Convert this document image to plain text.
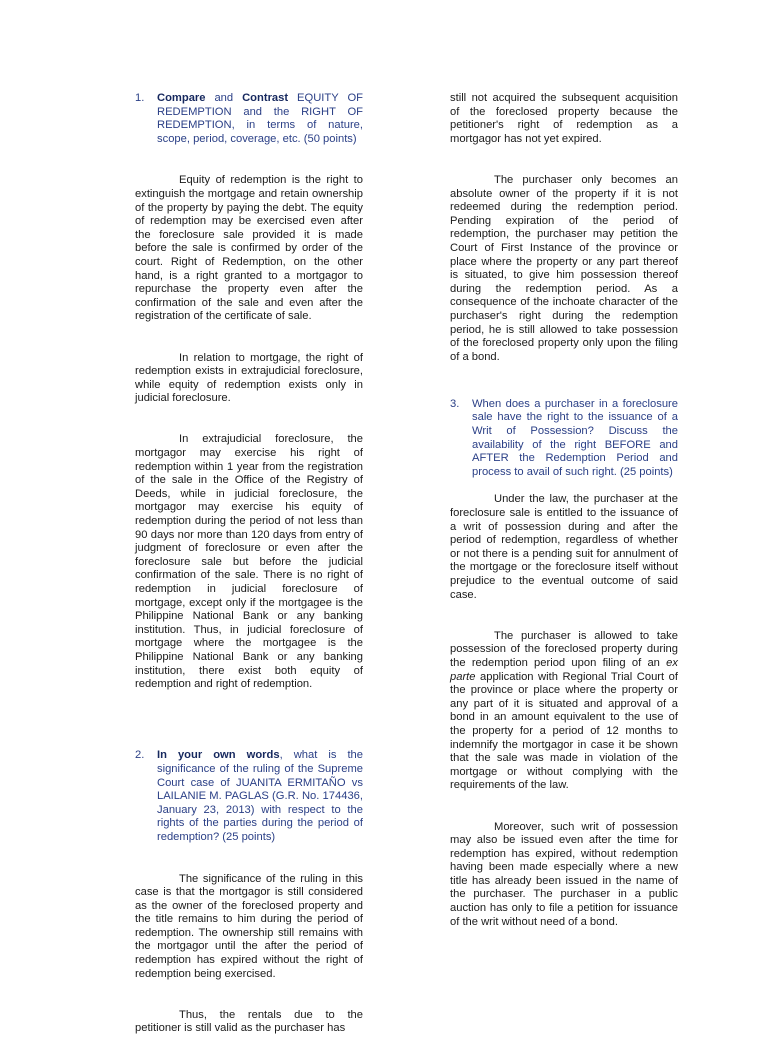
1.	Compare and Contrast EQUITY OF REDEMPTION and the RIGHT OF REDEMPTION, in terms of nature, scope, period, coverage, etc. (50 points)

Equity of redemption is the right to extinguish the mortgage and retain ownership of the property by paying the debt. The equity of redemption may be exercised even after the foreclosure sale provided it is made before the sale is confirmed by order of the court. Right of Redemption, on the other hand, is a right granted to a mortgagor to repurchase the property even after the confirmation of the sale and even after the registration of the certificate of sale.

In relation to mortgage, the right of redemption exists in extrajudicial foreclosure, while equity of redemption exists only in judicial foreclosure.

In extrajudicial foreclosure, the mortgagor may exercise his right of redemption within 1 year from the registration of the sale in the Office of the Registry of Deeds, while in judicial foreclosure, the mortgagor may exercise his equity of redemption during the period of not less than 90 days nor more than 120 days from entry of judgment of foreclosure or even after the foreclosure sale but before the judicial confirmation of the sale. There is no right of redemption in judicial foreclosure of mortgage, except only if the mortgagee is the Philippine National Bank or any banking institution. Thus, in judicial foreclosure of mortgage where the mortgagee is the Philippine National Bank or any banking institution, there exist both equity of redemption and right of redemption.

2.	In your own words, what is the significance of the ruling of the Supreme Court case of JUANITA ERMITAÑO vs LAILANIE M. PAGLAS (G.R. No. 174436, January 23, 2013) with respect to the rights of the parties during the period of redemption? (25 points)

The significance of the ruling in this case is that the mortgagor is still considered as the owner of the foreclosed property and the title remains to him during the period of redemption. The ownership still remains with the mortgagor until the after the period of redemption has expired without the right of redemption being exercised.

Thus, the rentals due to the petitioner is still valid as the purchaser has

still not acquired the subsequent acquisition of the foreclosed property because the petitioner's right of redemption as a mortgagor has not yet expired.

The purchaser only becomes an absolute owner of the property if it is not redeemed during the redemption period. Pending expiration of the period of redemption, the purchaser may petition the Court of First Instance of the province or place where the property or any part thereof is situated, to give him possession thereof during the redemption period. As a consequence of the inchoate character of the purchaser's right during the redemption period, he is still allowed to take possession of the foreclosed property only upon the filing of a bond.

3.	When does a purchaser in a foreclosure sale have the right to the issuance of a Writ of Possession? Discuss the availability of the right BEFORE and AFTER the Redemption Period and process to avail of such right. (25 points)

Under the law, the purchaser at the foreclosure sale is entitled to the issuance of a writ of possession during and after the period of redemption, regardless of whether or not there is a pending suit for annulment of the mortgage or the foreclosure itself without prejudice to the eventual outcome of said case.

The purchaser is allowed to take possession of the foreclosed property during the redemption period upon filing of an ex parte application with Regional Trial Court of the province or place where the property or any part of it is situated and approval of a bond in an amount equivalent to the use of the property for a period of 12 months to indemnify the mortgagor in case it be shown that the sale was made in violation of the mortgage or without complying with the requirements of the law.

Moreover, such writ of possession may also be issued even after the time for redemption has expired, without redemption having been made especially where a new title has already been issued in the name of the purchaser. The purchaser in a public auction has only to file a petition for issuance of the writ without need of a bond.
